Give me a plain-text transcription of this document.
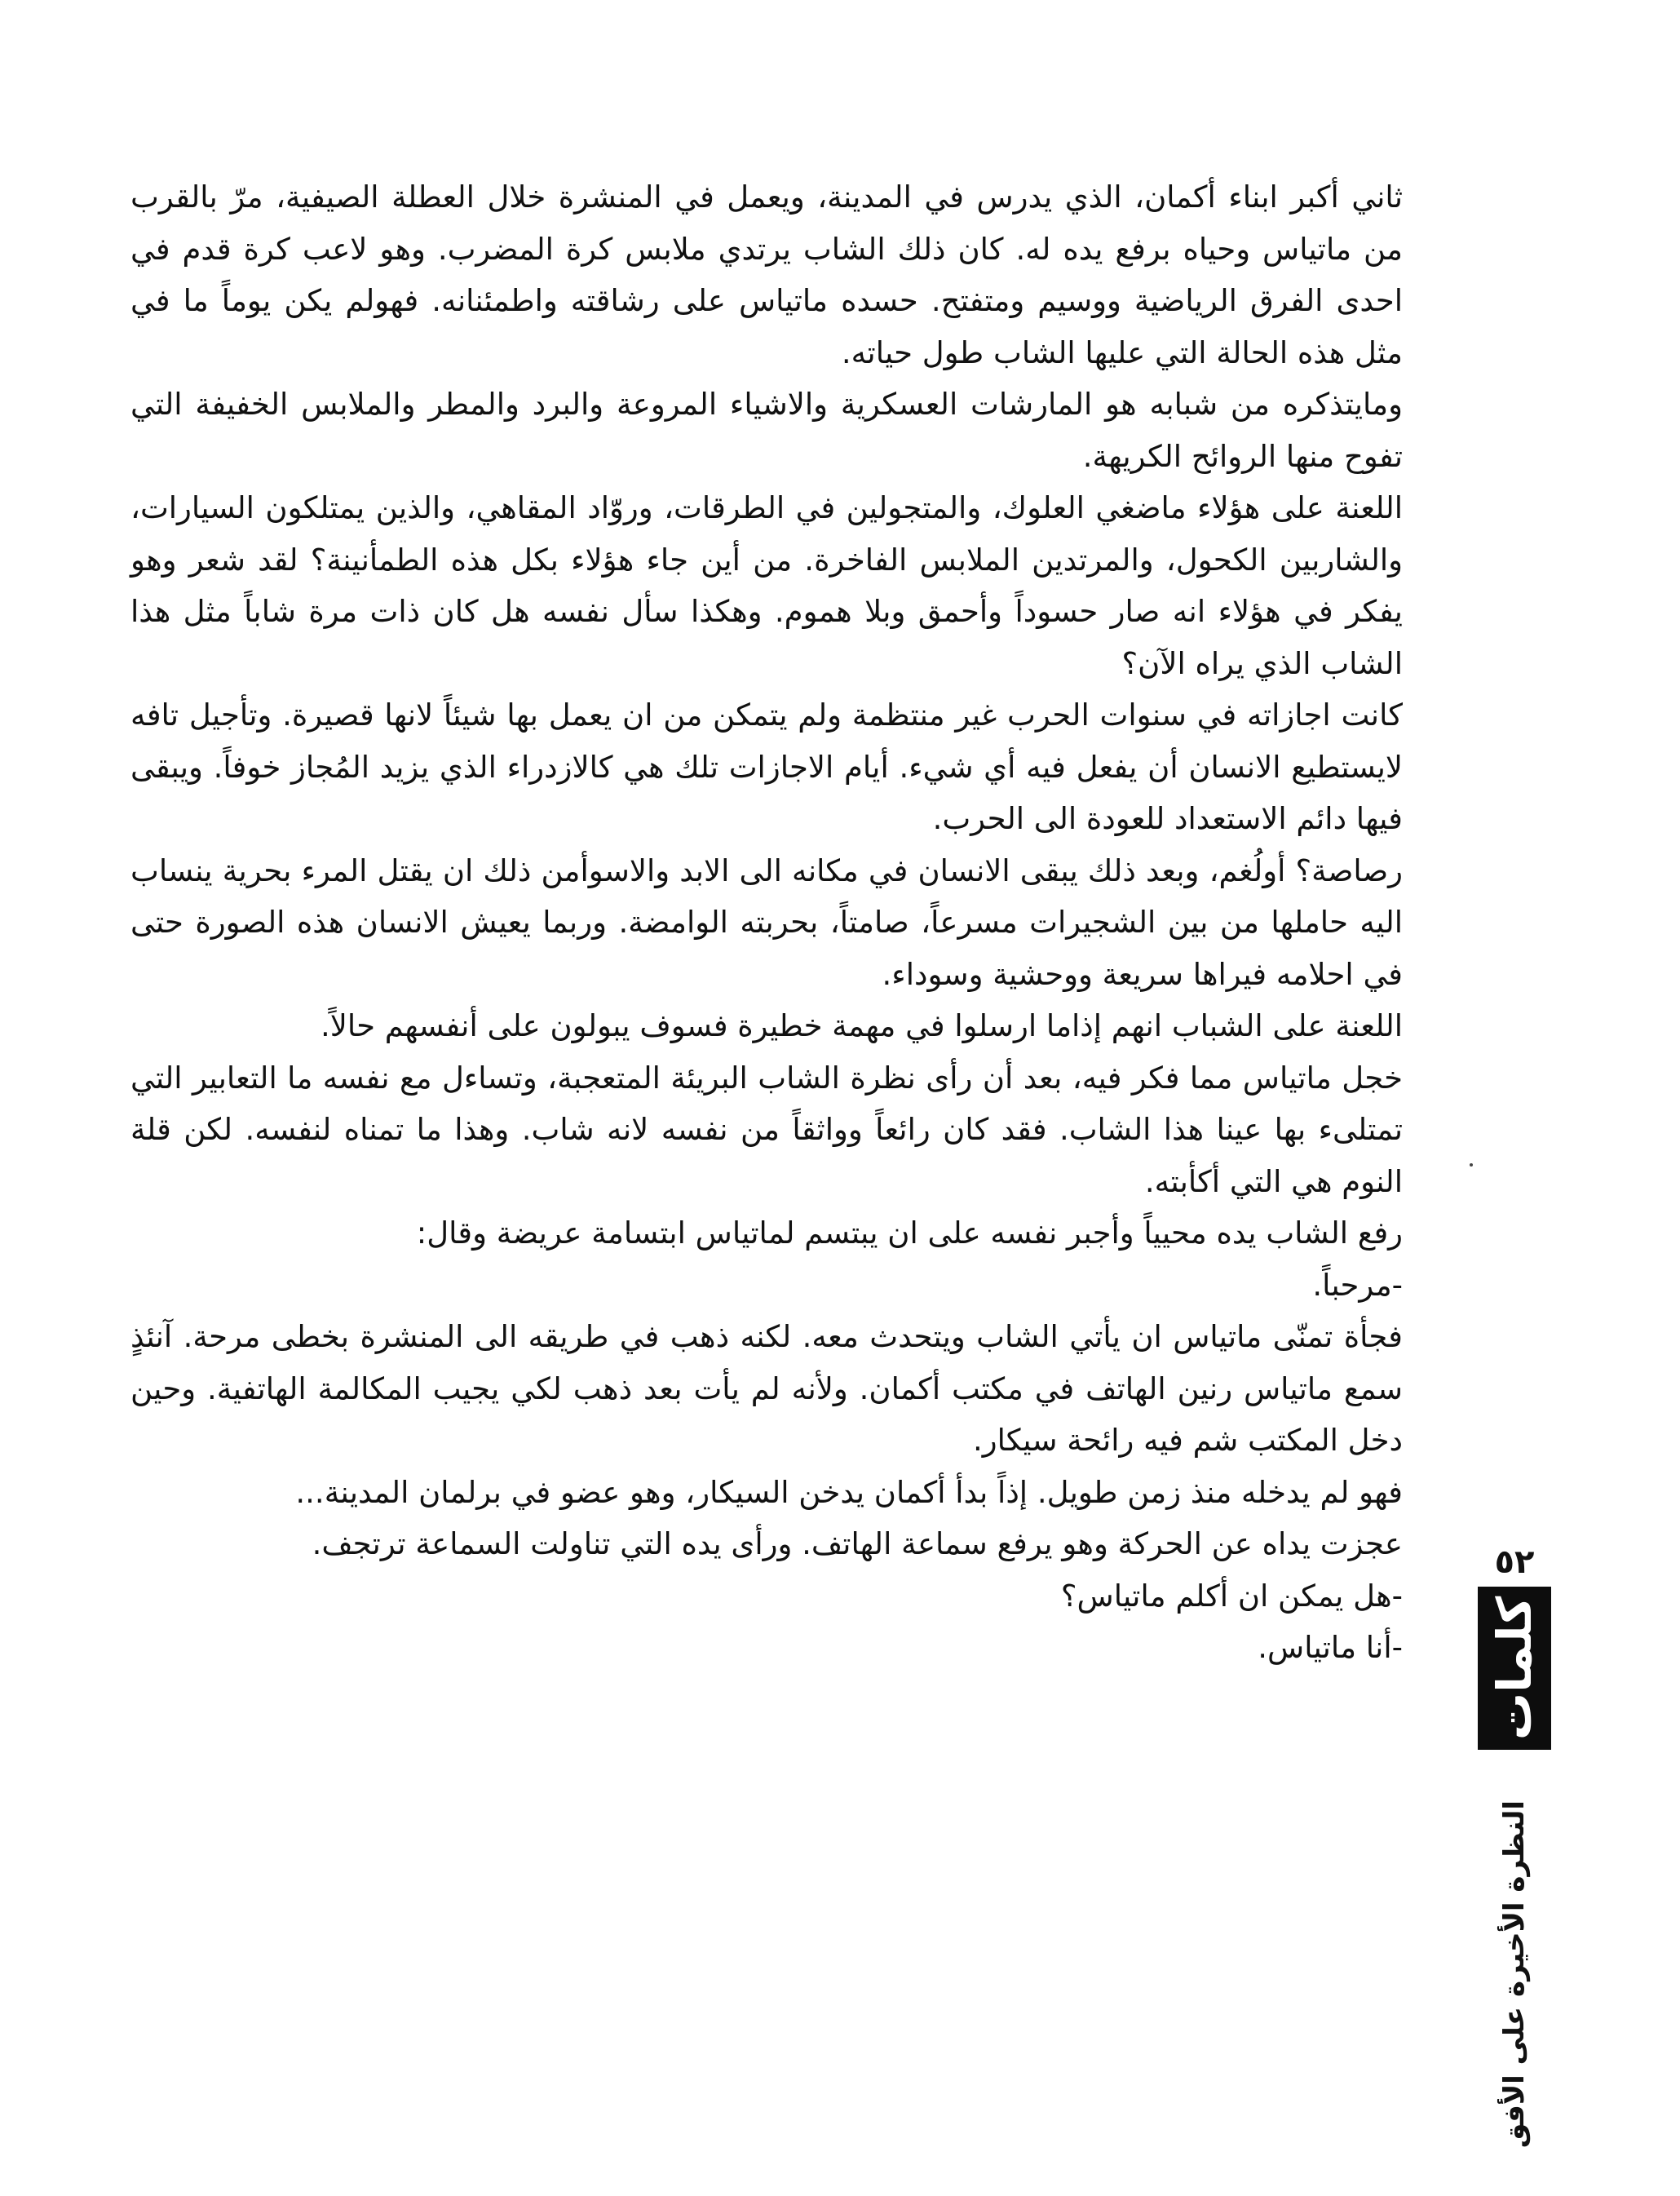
ثاني أكبر ابناء أكمان، الذي يدرس في المدينة، ويعمل في المنشرة خلال العطلة الصيفية، مرّ بالقرب من ماتياس وحياه برفع يده له. كان ذلك الشاب يرتدي ملابس كرة المضرب. وهو لاعب كرة قدم في احدى الفرق الرياضية ووسيم ومتفتح. حسده ماتياس على رشاقته واطمئنانه. فهولم يكن يوماً ما في مثل هذه الحالة التي عليها الشاب طول حياته.

ومايتذكره من شبابه هو المارشات العسكرية والاشياء المروعة والبرد والمطر والملابس الخفيفة التي تفوح منها الروائح الكريهة.

اللعنة على هؤلاء ماضغي العلوك، والمتجولين في الطرقات، وروّاد المقاهي، والذين يمتلكون السيارات، والشاربين الكحول، والمرتدين الملابس الفاخرة. من أين جاء هؤلاء بكل هذه الطمأنينة؟ لقد شعر وهو يفكر في هؤلاء انه صار حسوداً وأحمق وبلا هموم. وهكذا سأل نفسه هل كان ذات مرة شاباً مثل هذا الشاب الذي يراه الآن؟

كانت اجازاته في سنوات الحرب غير منتظمة ولم يتمكن من ان يعمل بها شيئاً لانها قصيرة. وتأجيل تافه لايستطيع الانسان أن يفعل فيه أي شيء. أيام الاجازات تلك هي كالازدراء الذي يزيد المُجاز خوفاً. ويبقى فيها دائم الاستعداد للعودة الى الحرب.

رصاصة؟ أولُغم، وبعد ذلك يبقى الانسان في مكانه الى الابد والاسوأمن ذلك ان يقتل المرء بحرية ينساب اليه حاملها من بين الشجيرات مسرعاً، صامتاً، بحربته الوامضة. وربما يعيش الانسان هذه الصورة حتى في احلامه فيراها سريعة ووحشية وسوداء.

اللعنة على الشباب انهم إذاما ارسلوا في مهمة خطيرة فسوف يبولون على أنفسهم حالاً.

خجل ماتياس مما فكر فيه، بعد أن رأى نظرة الشاب البريئة المتعجبة، وتساءل مع نفسه ما التعابير التي تمتلىء بها عينا هذا الشاب. فقد كان رائعاً وواثقاً من نفسه لانه شاب. وهذا ما تمناه لنفسه. لكن قلة النوم هي التي أكأبته.

رفع الشاب يده محيياً وأجبر نفسه على ان يبتسم لماتياس ابتسامة عريضة وقال:

-مرحباً.

فجأة تمنّى ماتياس ان يأتي الشاب ويتحدث معه. لكنه ذهب في طريقه الى المنشرة بخطى مرحة. آنئذٍ سمع ماتياس رنين الهاتف في مكتب أكمان. ولأنه لم يأت بعد ذهب لكي يجيب المكالمة الهاتفية. وحين دخل المكتب شم فيه رائحة سيكار.

فهو لم يدخله منذ زمن طويل. إذاً بدأ أكمان يدخن السيكار، وهو عضو في برلمان المدينة...

عجزت يداه عن الحركة وهو يرفع سماعة الهاتف. ورأى يده التي تناولت السماعة ترتجف.

-هل يمكن ان أكلم ماتياس؟

-أنا ماتياس.

٥٢
كلمات
النظرة الأخيرة على الأفق
